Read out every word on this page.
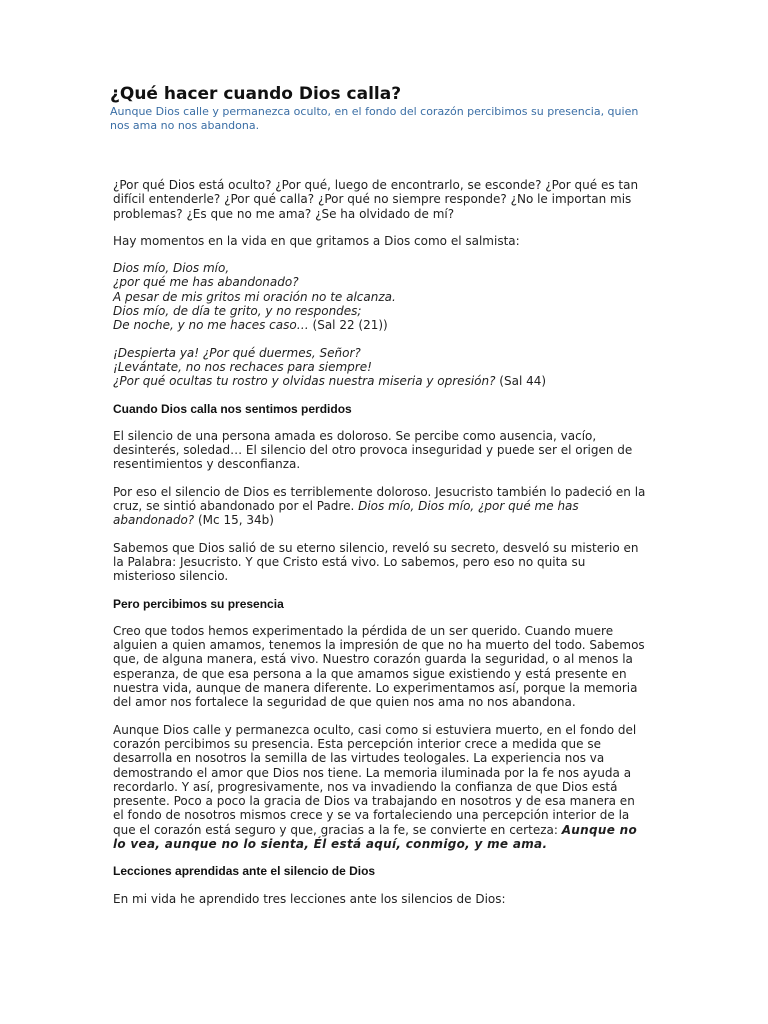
¿Qué hacer cuando Dios calla?

Aunque Dios calle y permanezca oculto, en el fondo del corazón percibimos su presencia, quien nos ama no nos abandona.

¿Por qué Dios está oculto? ¿Por qué, luego de encontrarlo, se esconde? ¿Por qué es tan difícil entenderle? ¿Por qué calla? ¿Por qué no siempre responde? ¿No le importan mis problemas? ¿Es que no me ama? ¿Se ha olvidado de mí?

Hay momentos en la vida en que gritamos a Dios como el salmista:

Dios mío, Dios mío,
¿por qué me has abandonado?
A pesar de mis gritos mi oración no te alcanza.
Dios mío, de día te grito, y no respondes;
De noche, y no me haces caso… (Sal 22 (21))

¡Despierta ya! ¿Por qué duermes, Señor?
¡Levántate, no nos rechaces para siempre!
¿Por qué ocultas tu rostro y olvidas nuestra miseria y opresión? (Sal 44)

Cuando Dios calla nos sentimos perdidos

El silencio de una persona amada es doloroso. Se percibe como ausencia, vacío, desinterés, soledad… El silencio del otro provoca inseguridad y puede ser el origen de resentimientos y desconfianza.

Por eso el silencio de Dios es terriblemente doloroso. Jesucristo también lo padeció en la cruz, se sintió abandonado por el Padre. Dios mío, Dios mío, ¿por qué me has abandonado? (Mc 15, 34b)

Sabemos que Dios salió de su eterno silencio, reveló su secreto, desveló su misterio en la Palabra: Jesucristo. Y que Cristo está vivo. Lo sabemos, pero eso no quita su misterioso silencio.

Pero percibimos su presencia

Creo que todos hemos experimentado la pérdida de un ser querido. Cuando muere alguien a quien amamos, tenemos la impresión de que no ha muerto del todo. Sabemos que, de alguna manera, está vivo. Nuestro corazón guarda la seguridad, o al menos la esperanza, de que esa persona a la que amamos sigue existiendo y está presente en nuestra vida, aunque de manera diferente. Lo experimentamos así, porque la memoria del amor nos fortalece la seguridad de que quien nos ama no nos abandona.

Aunque Dios calle y permanezca oculto, casi como si estuviera muerto, en el fondo del corazón percibimos su presencia. Esta percepción interior crece a medida que se desarrolla en nosotros la semilla de las virtudes teologales. La experiencia nos va demostrando el amor que Dios nos tiene. La memoria iluminada por la fe nos ayuda a recordarlo. Y así, progresivamente, nos va invadiendo la confianza de que Dios está presente. Poco a poco la gracia de Dios va trabajando en nosotros y de esa manera en el fondo de nosotros mismos crece y se va fortaleciendo una percepción interior de la que el corazón está seguro y que, gracias a la fe, se convierte en certeza: Aunque no lo vea, aunque no lo sienta, Él está aquí, conmigo, y me ama.

Lecciones aprendidas ante el silencio de Dios

En mi vida he aprendido tres lecciones ante los silencios de Dios:
